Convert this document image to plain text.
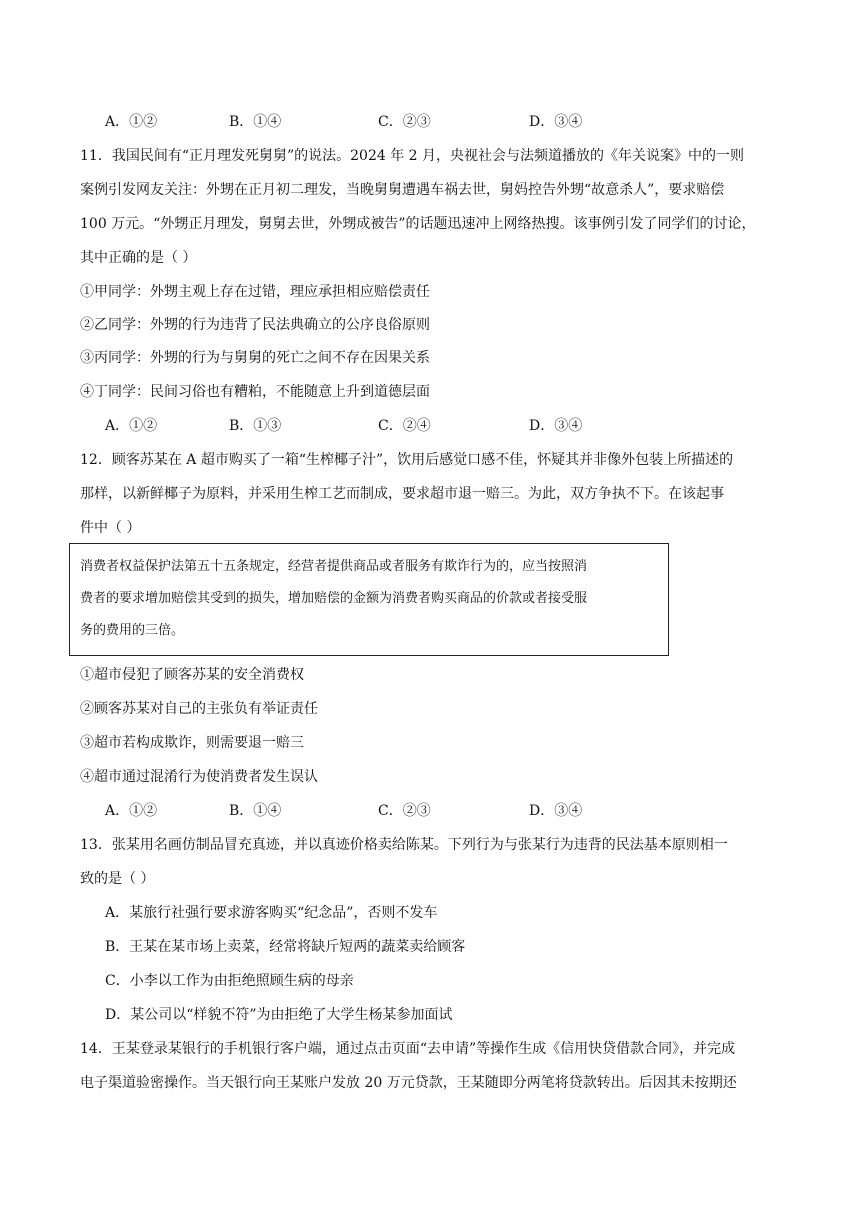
A．①②	B．①④	C．②③	D．③④
11．我国民间有“正月理发死舅舅”的说法。2024 年 2 月，央视社会与法频道播放的《年关说案》中的一则
案例引发网友关注：外甥在正月初二理发，当晚舅舅遭遇车祸去世，舅妈控告外甥“故意杀人”，要求赔偿
100 万元。“外甥正月理发，舅舅去世，外甥成被告”的话题迅速冲上网络热搜。该事例引发了同学们的讨论，
其中正确的是（ ）
①甲同学：外甥主观上存在过错，理应承担相应赔偿责任
②乙同学：外甥的行为违背了民法典确立的公序良俗原则
③丙同学：外甥的行为与舅舅的死亡之间不存在因果关系
④丁同学：民间习俗也有糟粕，不能随意上升到道德层面
A．①②	B．①③	C．②④	D．③④
12．顾客苏某在 A 超市购买了一箱“生榨椰子汁”，饮用后感觉口感不佳，怀疑其并非像外包装上所描述的
那样，以新鲜椰子为原料，并采用生榨工艺而制成，要求超市退一赔三。为此，双方争执不下。在该起事
件中（ ）
消费者权益保护法第五十五条规定，经营者提供商品或者服务有欺诈行为的，应当按照消
费者的要求增加赔偿其受到的损失，增加赔偿的金额为消费者购买商品的价款或者接受服
务的费用的三倍。
①超市侵犯了顾客苏某的安全消费权
②顾客苏某对自己的主张负有举证责任
③超市若构成欺诈，则需要退一赔三
④超市通过混淆行为使消费者发生误认
A．①②	B．①④	C．②③	D．③④
13．张某用名画仿制品冒充真迹，并以真迹价格卖给陈某。下列行为与张某行为违背的民法基本原则相一
致的是（ ）
A．某旅行社强行要求游客购买“纪念品”，否则不发车
B．王某在某市场上卖菜，经常将缺斤短两的蔬菜卖给顾客
C．小李以工作为由拒绝照顾生病的母亲
D．某公司以“样貌不符”为由拒绝了大学生杨某参加面试
14．王某登录某银行的手机银行客户端，通过点击页面“去申请”等操作生成《信用快贷借款合同》，并完成
电子渠道验密操作。当天银行向王某账户发放 20 万元贷款，王某随即分两笔将贷款转出。后因其未按期还
